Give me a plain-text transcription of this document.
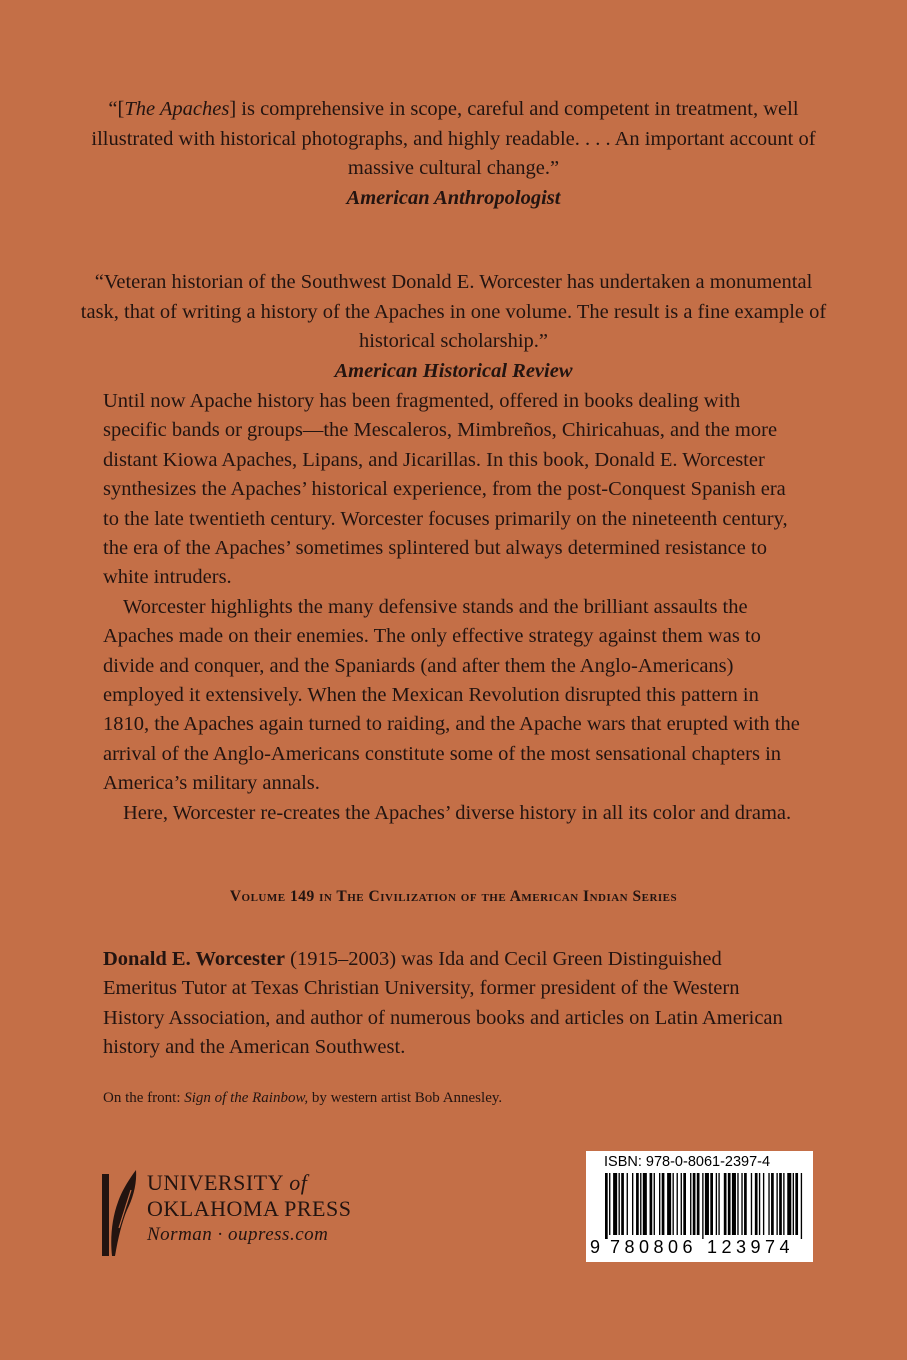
“[The Apaches] is comprehensive in scope, careful and competent in treatment, well illustrated with historical photographs, and highly readable. . . . An important account of massive cultural change.”
American Anthropologist
“Veteran historian of the Southwest Donald E. Worcester has undertaken a monumental task, that of writing a history of the Apaches in one volume. The result is a fine example of historical scholarship.”
American Historical Review

Until now Apache history has been fragmented, offered in books dealing with specific bands or groups—the Mescaleros, Mimbreños, Chiricahuas, and the more distant Kiowa Apaches, Lipans, and Jicarillas. In this book, Donald E. Worcester synthesizes the Apaches’ historical experience, from the post-Conquest Spanish era to the late twentieth century. Worcester focuses primarily on the nineteenth century, the era of the Apaches’ sometimes splintered but always determined resistance to white intruders.

Worcester highlights the many defensive stands and the brilliant assaults the Apaches made on their enemies. The only effective strategy against them was to divide and conquer, and the Spaniards (and after them the Anglo-Americans) employed it extensively. When the Mexican Revolution disrupted this pattern in 1810, the Apaches again turned to raiding, and the Apache wars that erupted with the arrival of the Anglo-Americans constitute some of the most sensational chapters in America’s military annals.

Here, Worcester re-creates the Apaches’ diverse history in all its color and drama.

Volume 149 in The Civilization of the American Indian Series
Donald E. Worcester (1915–2003) was Ida and Cecil Green Distinguished Emeritus Tutor at Texas Christian University, former president of the Western History Association, and author of numerous books and articles on Latin American history and the American Southwest.
On the front: Sign of the Rainbow, by western artist Bob Annesley.
UNIVERSITY of
OKLAHOMA PRESS
Norman · oupress.com
ISBN: 978-0-8061-2397-4
9 780806 123974
